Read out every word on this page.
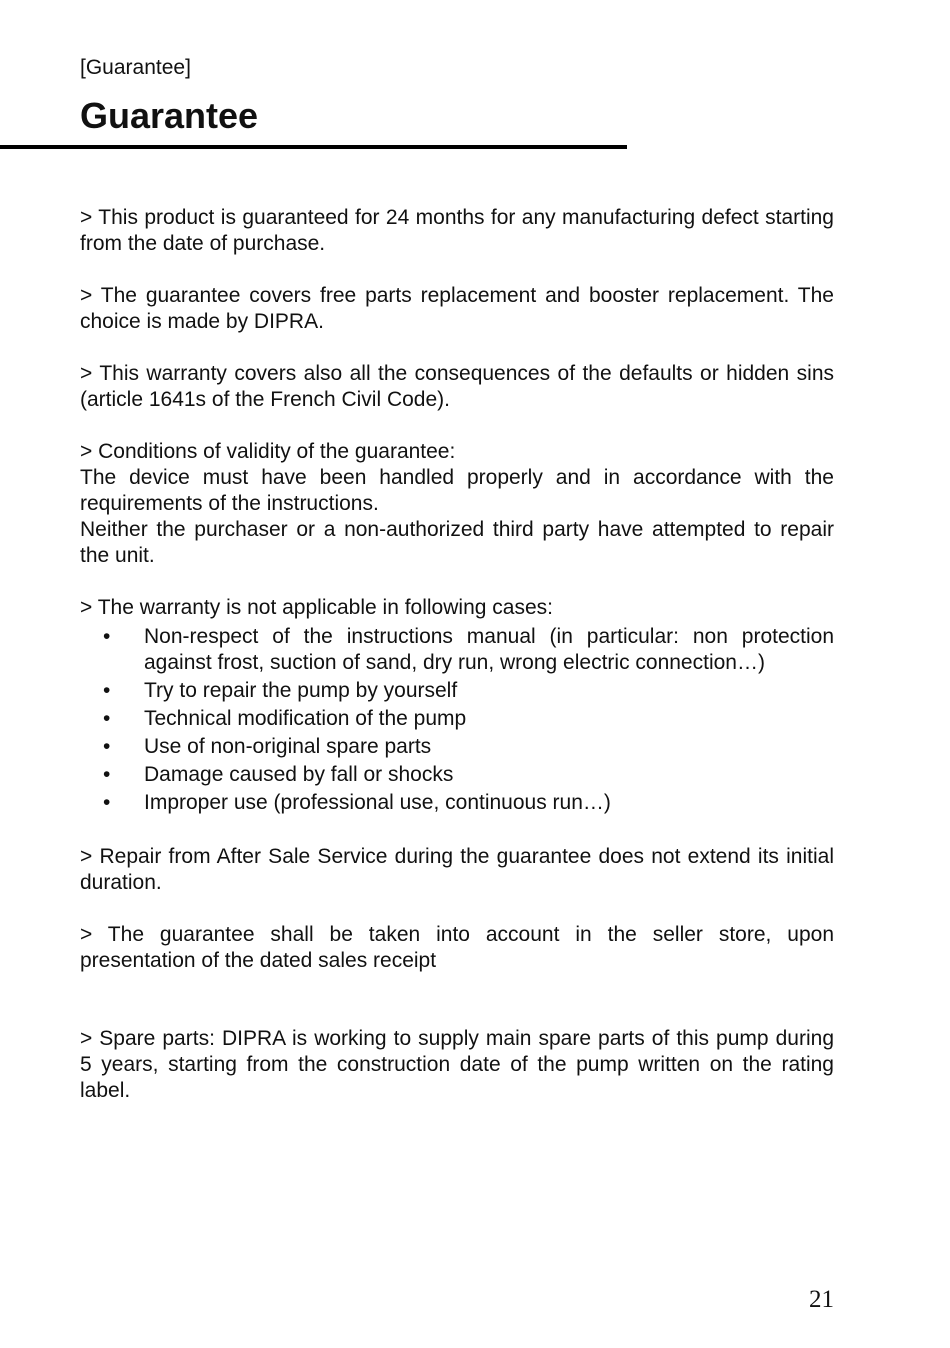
[Guarantee]
Guarantee

> This product is guaranteed for 24 months for any manufacturing defect starting from the date of purchase.

> The guarantee covers free parts replacement and booster replacement. The choice is made by DIPRA.

> This warranty covers also all the consequences of the defaults or hidden sins (article 1641s of the French Civil Code).

> Conditions of validity of the guarantee:
The device must have been handled properly and in accordance with the requirements of the instructions.
Neither the purchaser or a non-authorized third party have attempted to repair the unit.
> The warranty is not applicable in following cases:
• Non-respect of the instructions manual (in particular: non protection against frost, suction of sand, dry run, wrong electric connection…)
• Try to repair the pump by yourself
• Technical modification of the pump
• Use of non-original spare parts
• Damage caused by fall or shocks
• Improper use (professional use, continuous run…)

> Repair from After Sale Service during the guarantee does not extend its initial duration.

> The guarantee shall be taken into account in the seller store, upon presentation of the dated sales receipt

> Spare parts: DIPRA is working to supply main spare parts of this pump during 5 years, starting from the construction date of the pump written on the rating label.

21
